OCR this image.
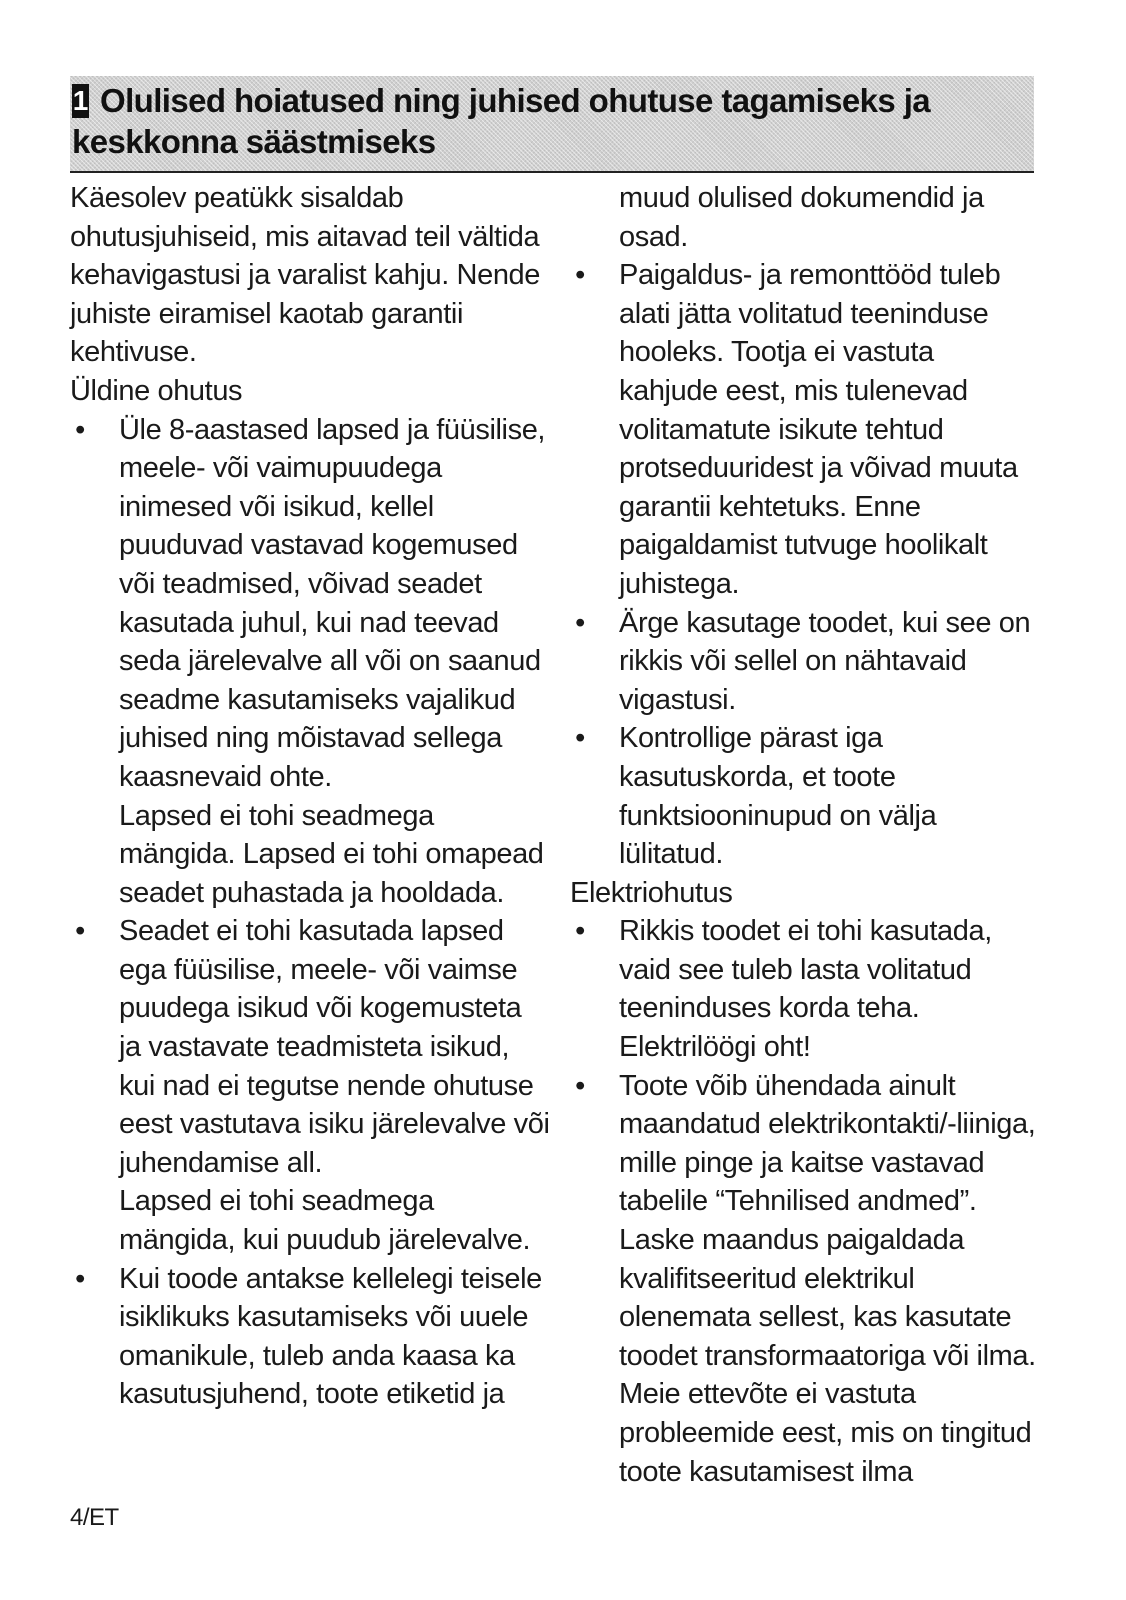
1 Olulised hoiatused ning juhised ohutuse tagamiseks ja keskkonna säästmiseks

Käesolev peatükk sisaldab ohutusjuhiseid, mis aitavad teil vältida kehavigastusi ja varalist kahju. Nende juhiste eiramisel kaotab garantii kehtivuse.

Üldine ohutus

• Üle 8-aastased lapsed ja füüsilise, meele- või vaimupuudega inimesed või isikud, kellel puuduvad vastavad kogemused või teadmised, võivad seadet kasutada juhul, kui nad teevad seda järelevalve all või on saanud seadme kasutamiseks vajalikud juhised ning mõistavad sellega kaasnevaid ohte.

Lapsed ei tohi seadmega mängida. Lapsed ei tohi omapead seadet puhastada ja hooldada.

• Seadet ei tohi kasutada lapsed ega füüsilise, meele- või vaimse puudega isikud või kogemusteta ja vastavate teadmisteta isikud, kui nad ei tegutse nende ohutuse eest vastutava isiku järelevalve või juhendamise all.

Lapsed ei tohi seadmega mängida, kui puudub järelevalve.

• Kui toode antakse kellelegi teisele isiklikuks kasutamiseks või uuele omanikule, tuleb anda kaasa ka kasutusjuhend, toote etiketid ja

muud olulised dokumendid ja osad.

• Paigaldus- ja remonttööd tuleb alati jätta volitatud teeninduse hooleks. Tootja ei vastuta kahjude eest, mis tulenevad volitamatute isikute tehtud protseduuridest ja võivad muuta garantii kehtetuks. Enne paigaldamist tutvuge hoolikalt juhistega.

• Ärge kasutage toodet, kui see on rikkis või sellel on nähtavaid vigastusi.

• Kontrollige pärast iga kasutuskorda, et toote funktsiooninupud on välja lülitatud.

Elektriohutus

• Rikkis toodet ei tohi kasutada, vaid see tuleb lasta volitatud teeninduses korda teha. Elektrilöögi oht!

• Toote võib ühendada ainult maandatud elektrikontakti/-liiniga, mille pinge ja kaitse vastavad tabelile “Tehnilised andmed”. Laske maandus paigaldada kvalifitseeritud elektrikul olenemata sellest, kas kasutate toodet transformaatoriga või ilma. Meie ettevõte ei vastuta probleemide eest, mis on tingitud toote kasutamisest ilma

4/ET
